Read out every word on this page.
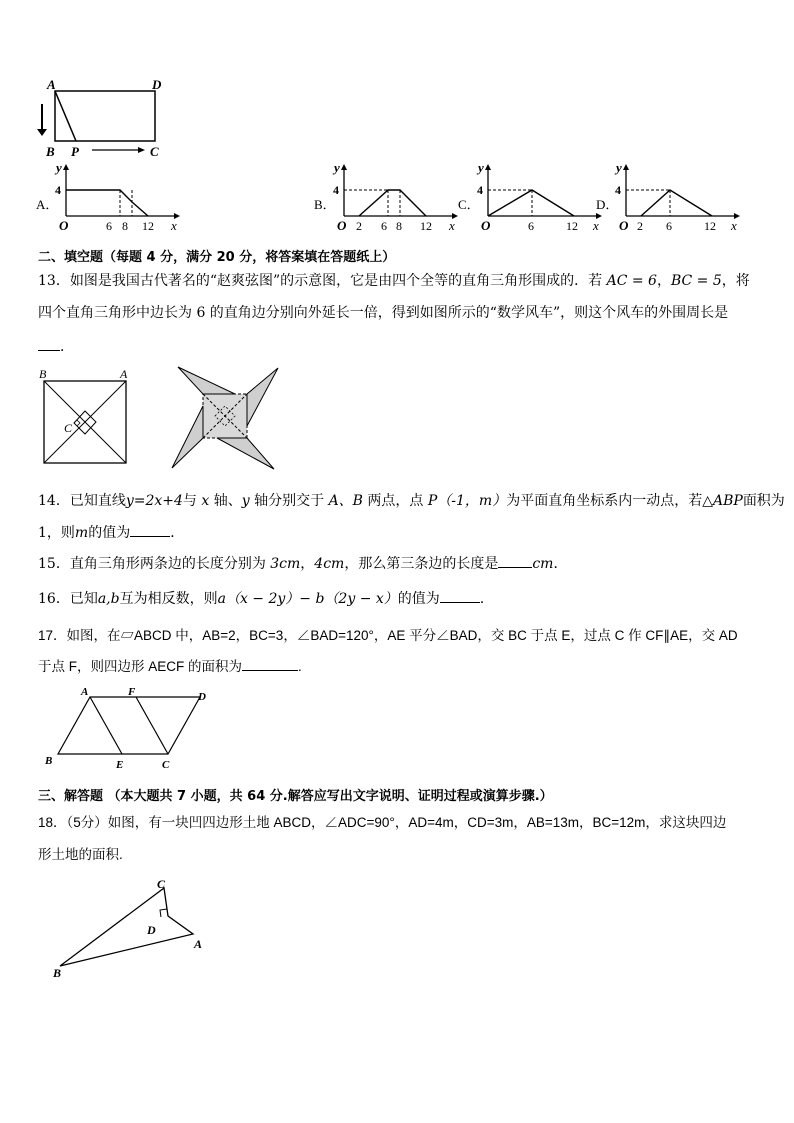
A	D
B P	C
A．
y
4
O	6 8 12 x
B．
y
4
O 2 6 8 12 x
C．
y
4
O	6	12 x
D．
y
4
O 2 6	12 x
二、填空题（每题 4 分，满分 20 分，将答案填在答题纸上）
13．如图是我国古代著名的“赵爽弦图”的示意图，它是由四个全等的直角三角形围成的．若 AC = 6，BC = 5，将
四个直角三角形中边长为 6 的直角边分别向外延长一倍，得到如图所示的“数学风车”，则这个风车的外围周长是
．
B	A
C
14．已知直线y=2x+4与 x 轴、y 轴分别交于 A、B 两点，点 P（-1，m）为平面直角坐标系内一动点，若△ABP面积为
1，则m的值为	．
15．直角三角形两条边的长度分别为 3cm，4cm，那么第三条边的长度是 cm．
16．已知a,b互为相反数，则a（x − 2y）− b（2y − x）的值为	.
17．如图，在▱ABCD 中，AB=2，BC=3，∠BAD=120°，AE 平分∠BAD，交 BC 于点 E，过点 C 作 CF∥AE，交 AD
于点 F，则四边形 AECF 的面积为	.
A	F	D
B	E	C
三、解答题 （本大题共 7 小题，共 64 分.解答应写出文字说明、证明过程或演算步骤.）
18．（5分）如图，有一块凹四边形土地 ABCD，∠ADC=90°，AD=4m，CD=3m，AB=13m，BC=12m，求这块四边
形土地的面积.
C
D
A
B
